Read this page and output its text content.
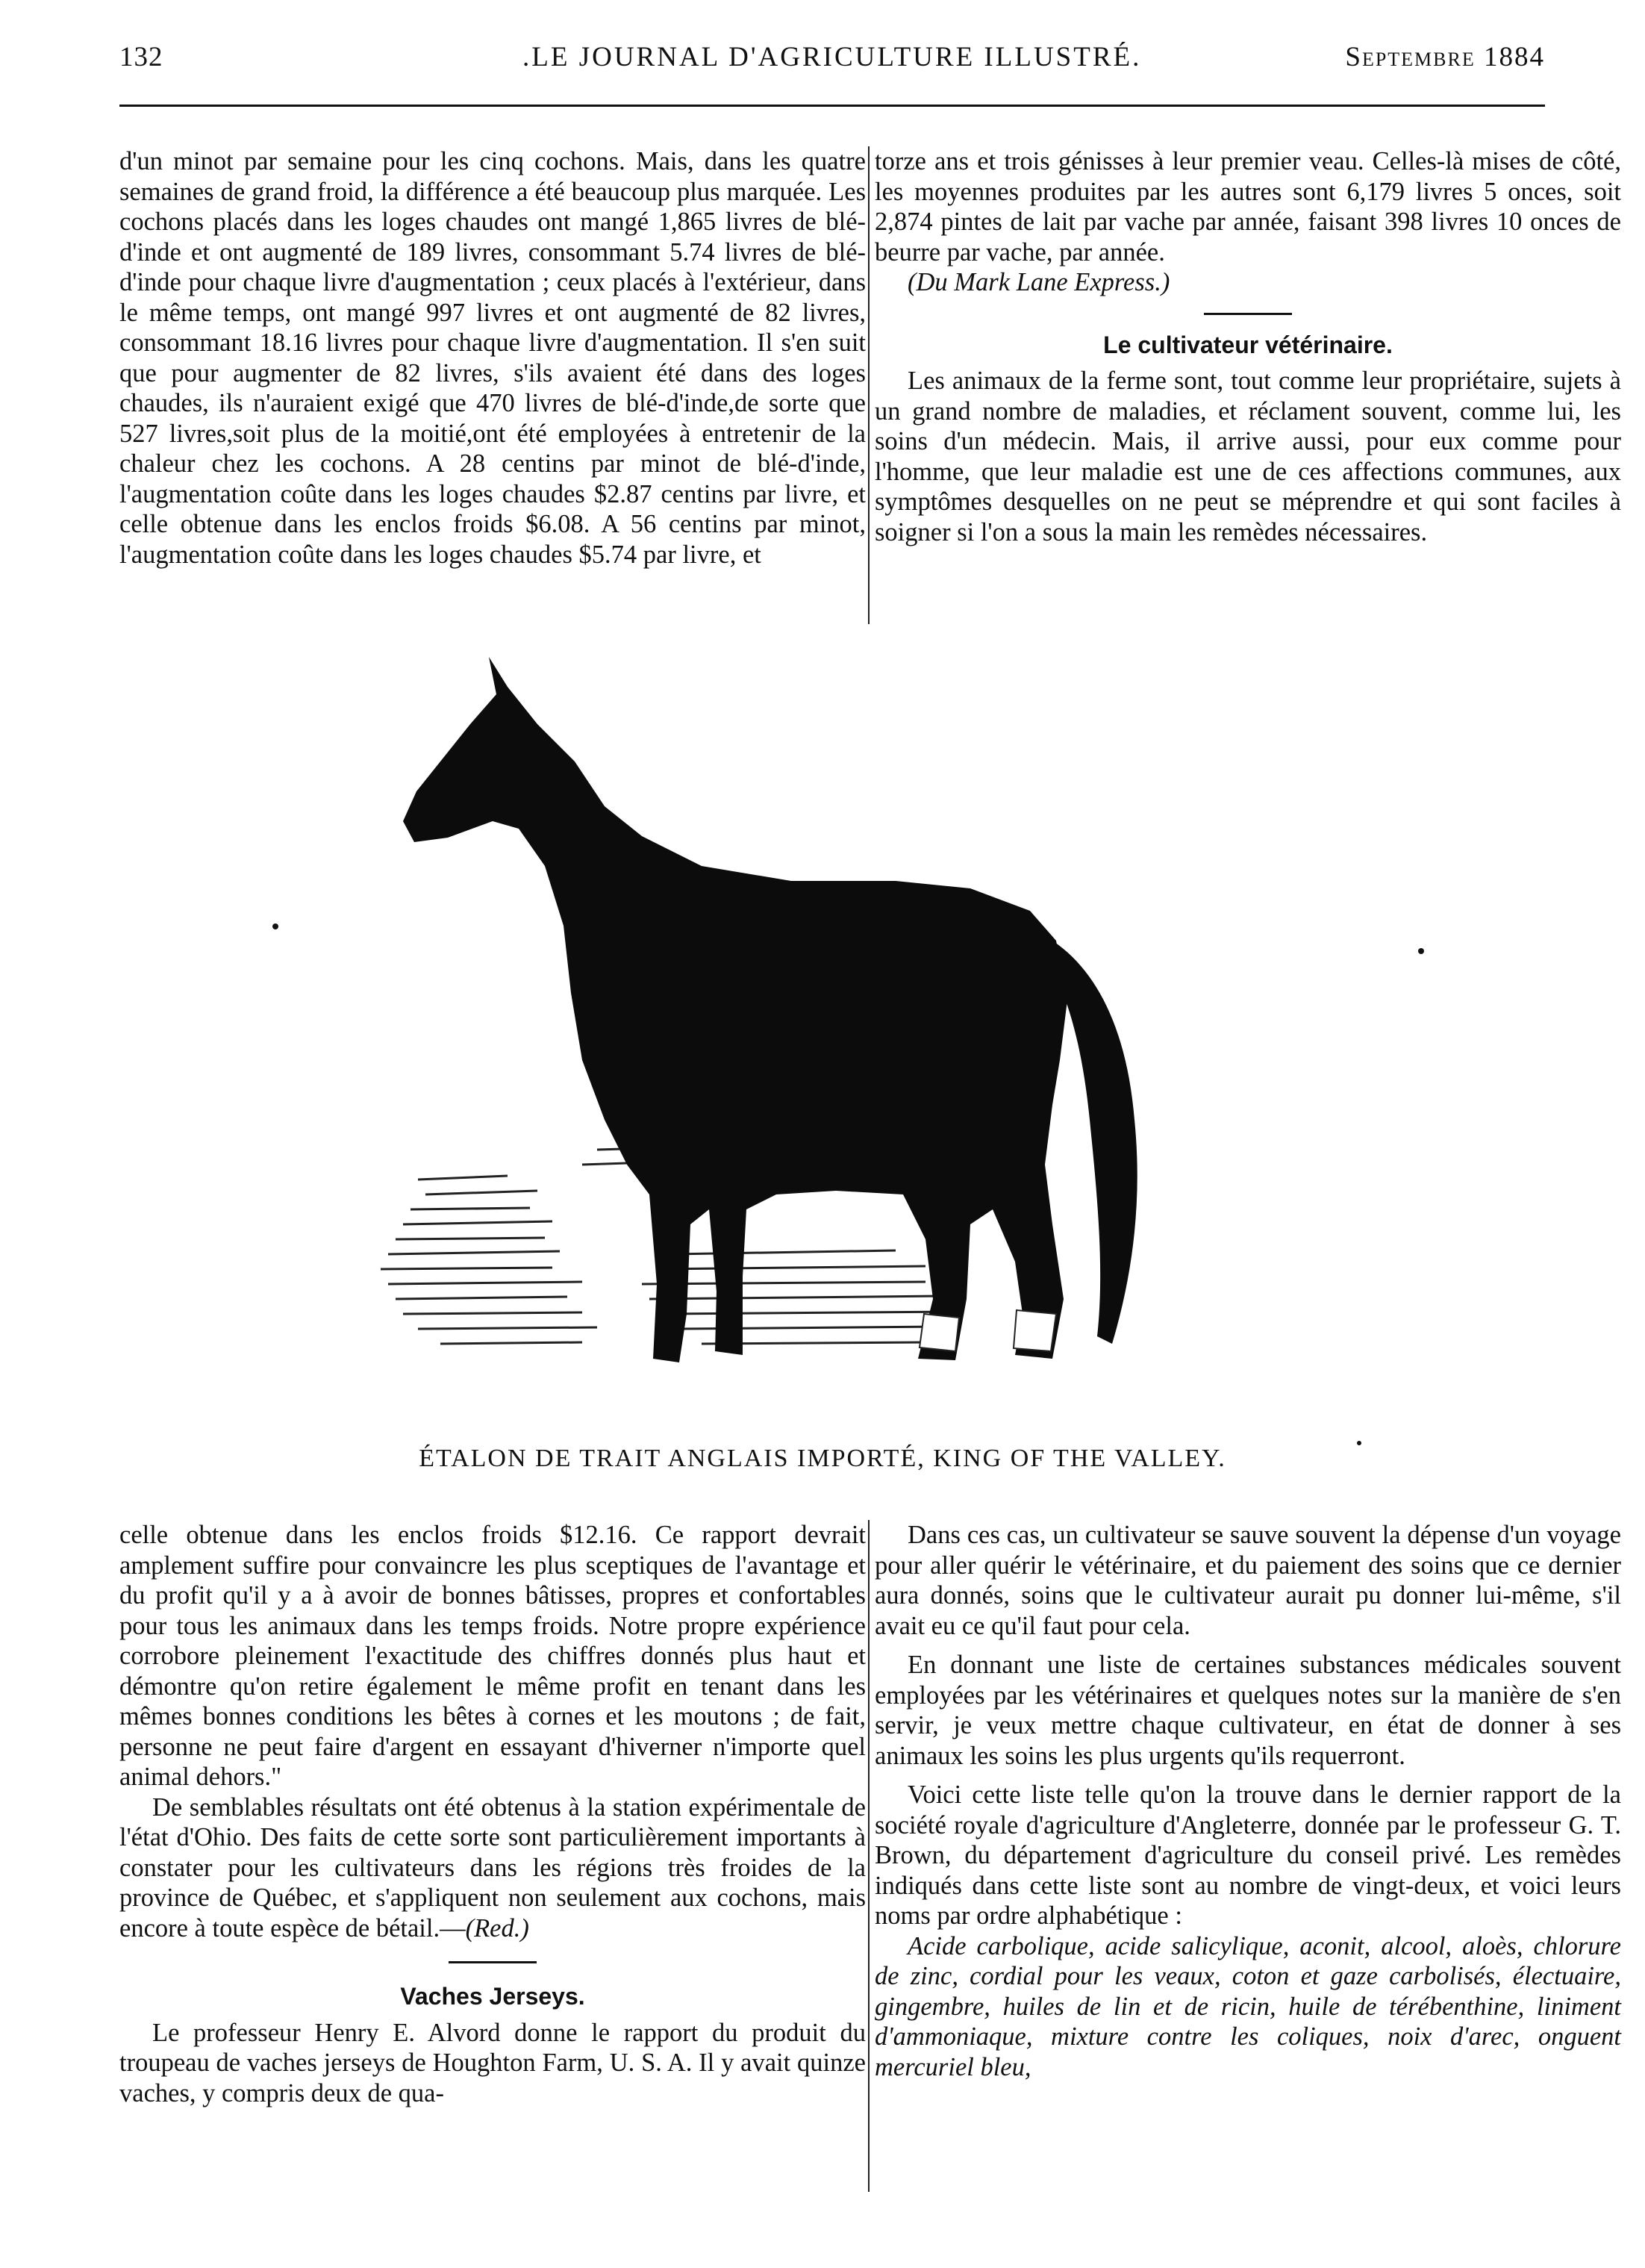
132	.LE JOURNAL D'AGRICULTURE ILLUSTRÉ.	Septembre 1884

d'un minot par semaine pour les cinq cochons. Mais, dans les quatre semaines de grand froid, la différence a été beaucoup plus marquée. Les cochons placés dans les loges chaudes ont mangé 1,865 livres de blé-d'inde et ont augmenté de 189 livres, consommant 5.74 livres de blé-d'inde pour chaque livre d'augmentation ; ceux placés à l'extérieur, dans le même temps, ont mangé 997 livres et ont augmenté de 82 livres, consommant 18.16 livres pour chaque livre d'augmentation. Il s'en suit que pour augmenter de 82 livres, s'ils avaient été dans des loges chaudes, ils n'auraient exigé que 470 livres de blé-d'inde,de sorte que 527 livres,soit plus de la moitié,ont été employées à entretenir de la chaleur chez les cochons. A 28 centins par minot de blé-d'inde, l'augmentation coûte dans les loges chaudes $2.87 centins par livre, et celle obtenue dans les enclos froids $6.08. A 56 centins par minot, l'augmentation coûte dans les loges chaudes $5.74 par livre, et

torze ans et trois génisses à leur premier veau. Celles-là mises de côté, les moyennes produites par les autres sont 6,179 livres 5 onces, soit 2,874 pintes de lait par vache par année, faisant 398 livres 10 onces de beurre par vache, par année.

(Du Mark Lane Express.)

Le cultivateur vétérinaire.

Les animaux de la ferme sont, tout comme leur propriétaire, sujets à un grand nombre de maladies, et réclament souvent, comme lui, les soins d'un médecin. Mais, il arrive aussi, pour eux comme pour l'homme, que leur maladie est une de ces affections communes, aux symptômes desquelles on ne peut se méprendre et qui sont faciles à soigner si l'on a sous la main les remèdes nécessaires.

ÉTALON DE TRAIT ANGLAIS IMPORTÉ, KING OF THE VALLEY.

celle obtenue dans les enclos froids $12.16. Ce rapport devrait amplement suffire pour convaincre les plus sceptiques de l'avantage et du profit qu'il y a à avoir de bonnes bâtisses, propres et confortables pour tous les animaux dans les temps froids. Notre propre expérience corrobore pleinement l'exactitude des chiffres donnés plus haut et démontre qu'on retire également le même profit en tenant dans les mêmes bonnes conditions les bêtes à cornes et les moutons ; de fait, personne ne peut faire d'argent en essayant d'hiverner n'importe quel animal dehors."

De semblables résultats ont été obtenus à la station expérimentale de l'état d'Ohio. Des faits de cette sorte sont particulièrement importants à constater pour les cultivateurs dans les régions très froides de la province de Québec, et s'appliquent non seulement aux cochons, mais encore à toute espèce de bétail.—(Red.)

Vaches Jerseys.

Le professeur Henry E. Alvord donne le rapport du produit du troupeau de vaches jerseys de Houghton Farm, U. S. A. Il y avait quinze vaches, y compris deux de qua-

Dans ces cas, un cultivateur se sauve souvent la dépense d'un voyage pour aller quérir le vétérinaire, et du paiement des soins que ce dernier aura donnés, soins que le cultivateur aurait pu donner lui-même, s'il avait eu ce qu'il faut pour cela.

En donnant une liste de certaines substances médicales souvent employées par les vétérinaires et quelques notes sur la manière de s'en servir, je veux mettre chaque cultivateur, en état de donner à ses animaux les soins les plus urgents qu'ils requerront.

Voici cette liste telle qu'on la trouve dans le dernier rapport de la société royale d'agriculture d'Angleterre, donnée par le professeur G. T. Brown, du département d'agriculture du conseil privé. Les remèdes indiqués dans cette liste sont au nombre de vingt-deux, et voici leurs noms par ordre alphabétique :

Acide carbolique, acide salicylique, aconit, alcool, aloès, chlorure de zinc, cordial pour les veaux, coton et gaze carbolisés, électuaire, gingembre, huiles de lin et de ricin, huile de térébenthine, liniment d'ammoniaque, mixture contre les coliques, noix d'arec, onguent mercuriel bleu,
